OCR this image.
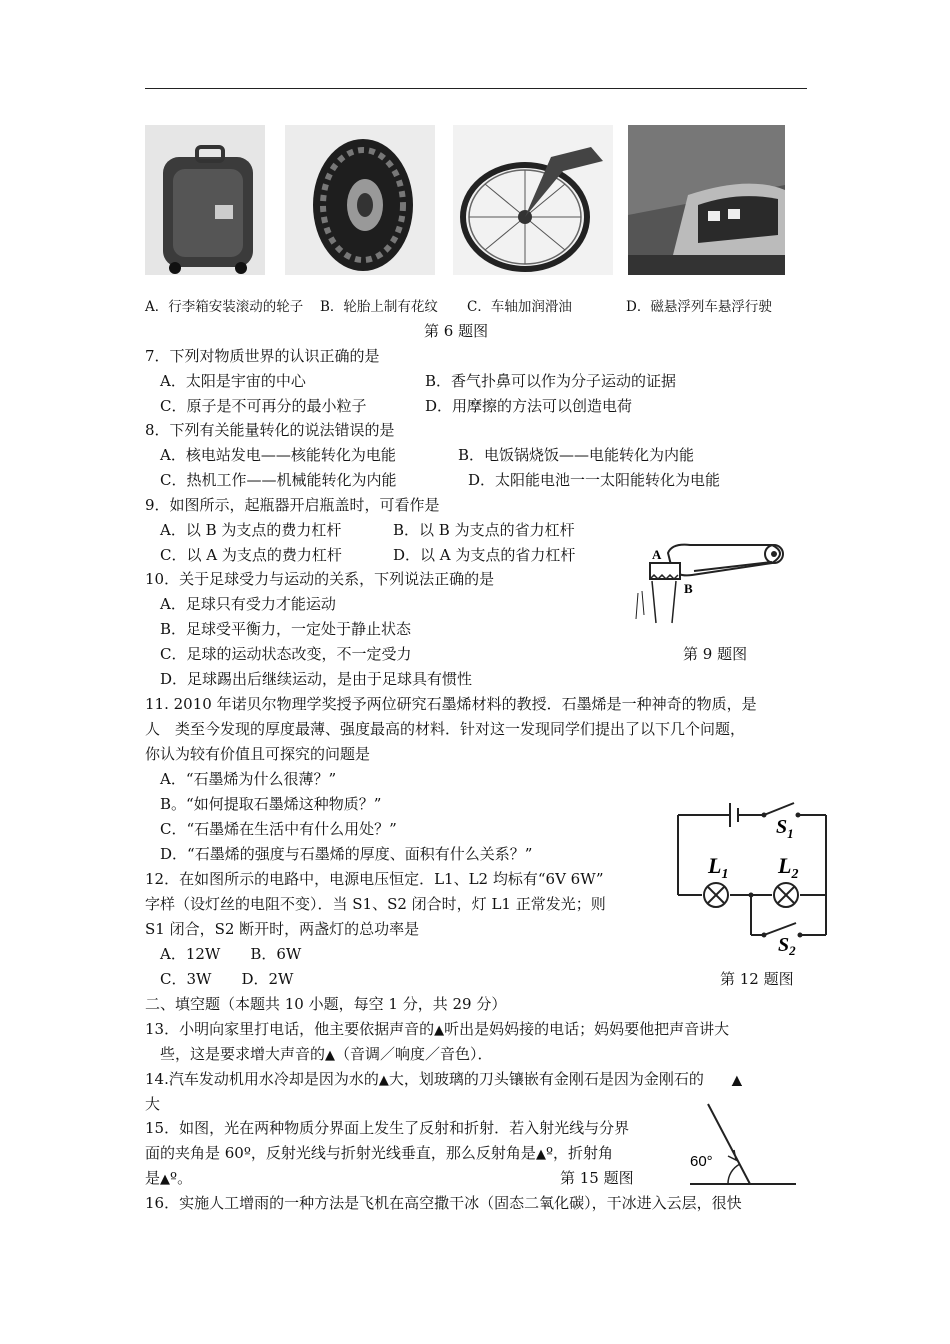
A．行李箱安装滚动的轮子 B．轮胎上制有花纹 C．车轴加润滑油	D．磁悬浮列车悬浮行驶
第 6 题图
7．下列对物质世界的认识正确的是
A．太阳是宇宙的中心	B．香气扑鼻可以作为分子运动的证据
C．原子是不可再分的最小粒子	D．用摩擦的方法可以创造电荷
8．下列有关能量转化的说法错误的是
A．核电站发电——核能转化为电能	B．电饭锅烧饭——电能转化为内能
C．热机工作——机械能转化为内能	D．太阳能电池一一太阳能转化为电能
9．如图所示，起瓶器开启瓶盖时，可看作是
A．以 B 为支点的费力杠杆	B．以 B 为支点的省力杠杆
C．以 A 为支点的费力杠杆	D．以 A 为支点的省力杠杆	A
B
第 9 题图
10．关于足球受力与运动的关系，下列说法正确的是
A．足球只有受力才能运动
B．足球受平衡力，一定处于静止状态
C．足球的运动状态改变，不一定受力
D．足球踢出后继续运动，是由于足球具有惯性
11. 2010 年诺贝尔物理学奖授予两位研究石墨烯材料的教授．石墨烯是一种神奇的物质，是
人　类至今发现的厚度最薄、强度最高的材料．针对这一发现同学们提出了以下几个问题，
你认为较有价值且可探究的问题是
A．“石墨烯为什么很薄？”
B。“如何提取石墨烯这种物质？”
C．“石墨烯在生活中有什么用处？”
D．“石墨烯的强度与石墨烯的厚度、面积有什么关系？”
$S_1$
$L_1$ $L_2$
$S_2$
12．在如图所示的电路中，电源电压恒定．L1、L2 均标有“6V 6W”
字样（设灯丝的电阻不变）．当 S1、S2 闭合时，灯 L1 正常发光；则
S1 闭合，S2 断开时，两盏灯的总功率是
A．12W　　B．6W
C．3W　　D．2W	第 12 题图
二、填空题（本题共 10 小题，每空 1 分，共 29 分）
13．小明向家里打电话，他主要依据声音的▲听出是妈妈接的电话；妈妈要他把声音讲大
　些，这是要求增大声音的▲（音调／响度／音色）．
14.汽车发动机用水冷却是因为水的▲大，划玻璃的刀头镶嵌有金刚石是因为金刚石的 ▲
大
60°
15．如图，光在两种物质分界面上发生了反射和折射．若入射光线与分界
面的夹角是 60º，反射光线与折射光线垂直，那么反射角是▲º，折射角
是▲º。	第 15 题图
16．实施人工增雨的一种方法是飞机在高空撒干冰（固态二氧化碳），干冰进入云层，很快
